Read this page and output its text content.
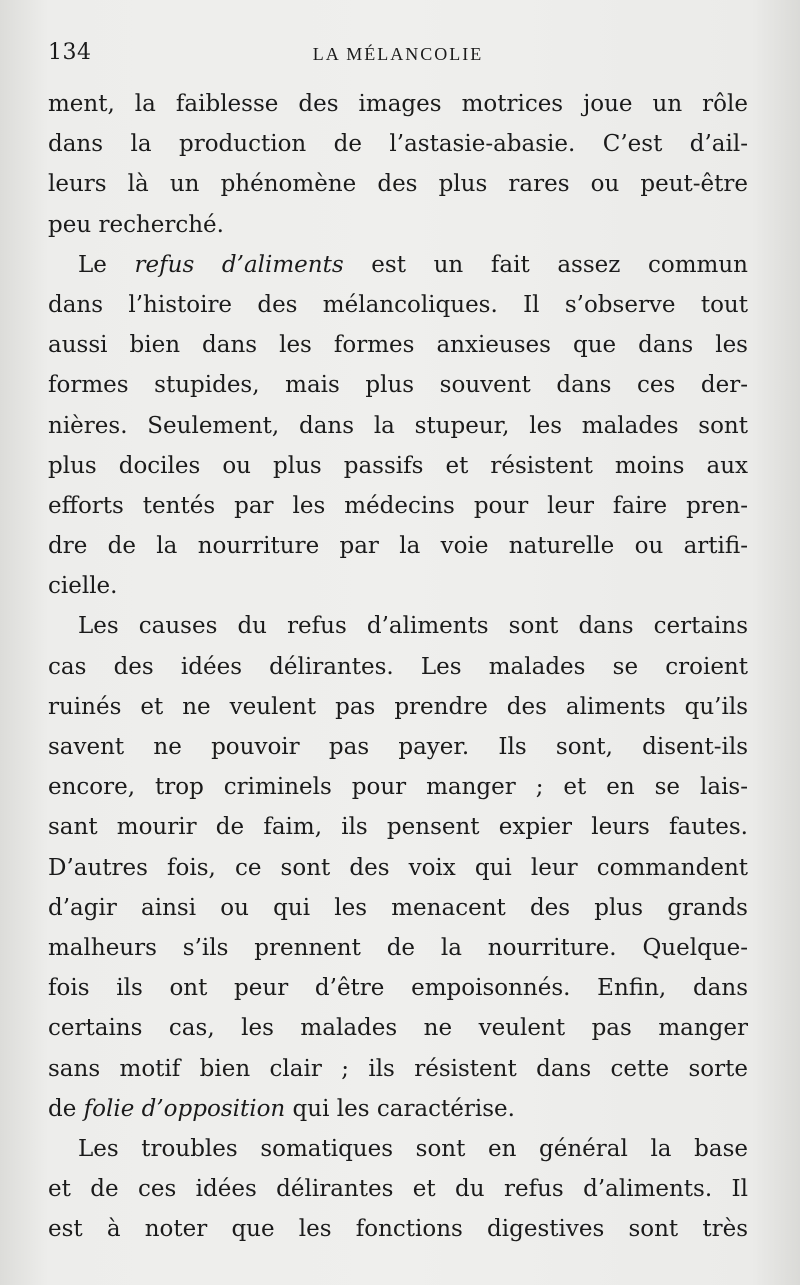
134	LA MÉLANCOLIE
ment, la faiblesse des images motrices joue un rôle
dans la production de l’astasie-abasie. C’est d’ail-
leurs là un phénomène des plus rares ou peut-être
peu recherché.
Le refus d’aliments est un fait assez commun
dans l’histoire des mélancoliques. Il s’observe tout
aussi bien dans les formes anxieuses que dans les
formes stupides, mais plus souvent dans ces der-
nières. Seulement, dans la stupeur, les malades sont
plus dociles ou plus passifs et résistent moins aux
efforts tentés par les médecins pour leur faire pren-
dre de la nourriture par la voie naturelle ou artifi-
cielle.
Les causes du refus d’aliments sont dans certains
cas des idées délirantes. Les malades se croient
ruinés et ne veulent pas prendre des aliments qu’ils
savent ne pouvoir pas payer. Ils sont, disent-ils
encore, trop criminels pour manger ; et en se lais-
sant mourir de faim, ils pensent expier leurs fautes.
D’autres fois, ce sont des voix qui leur commandent
d’agir ainsi ou qui les menacent des plus grands
malheurs s’ils prennent de la nourriture. Quelque-
fois ils ont peur d’être empoisonnés. Enfin, dans
certains cas, les malades ne veulent pas manger
sans motif bien clair ; ils résistent dans cette sorte
de folie d’opposition qui les caractérise.
Les troubles somatiques sont en général la base
et de ces idées délirantes et du refus d’aliments. Il
est à noter que les fonctions digestives sont très
